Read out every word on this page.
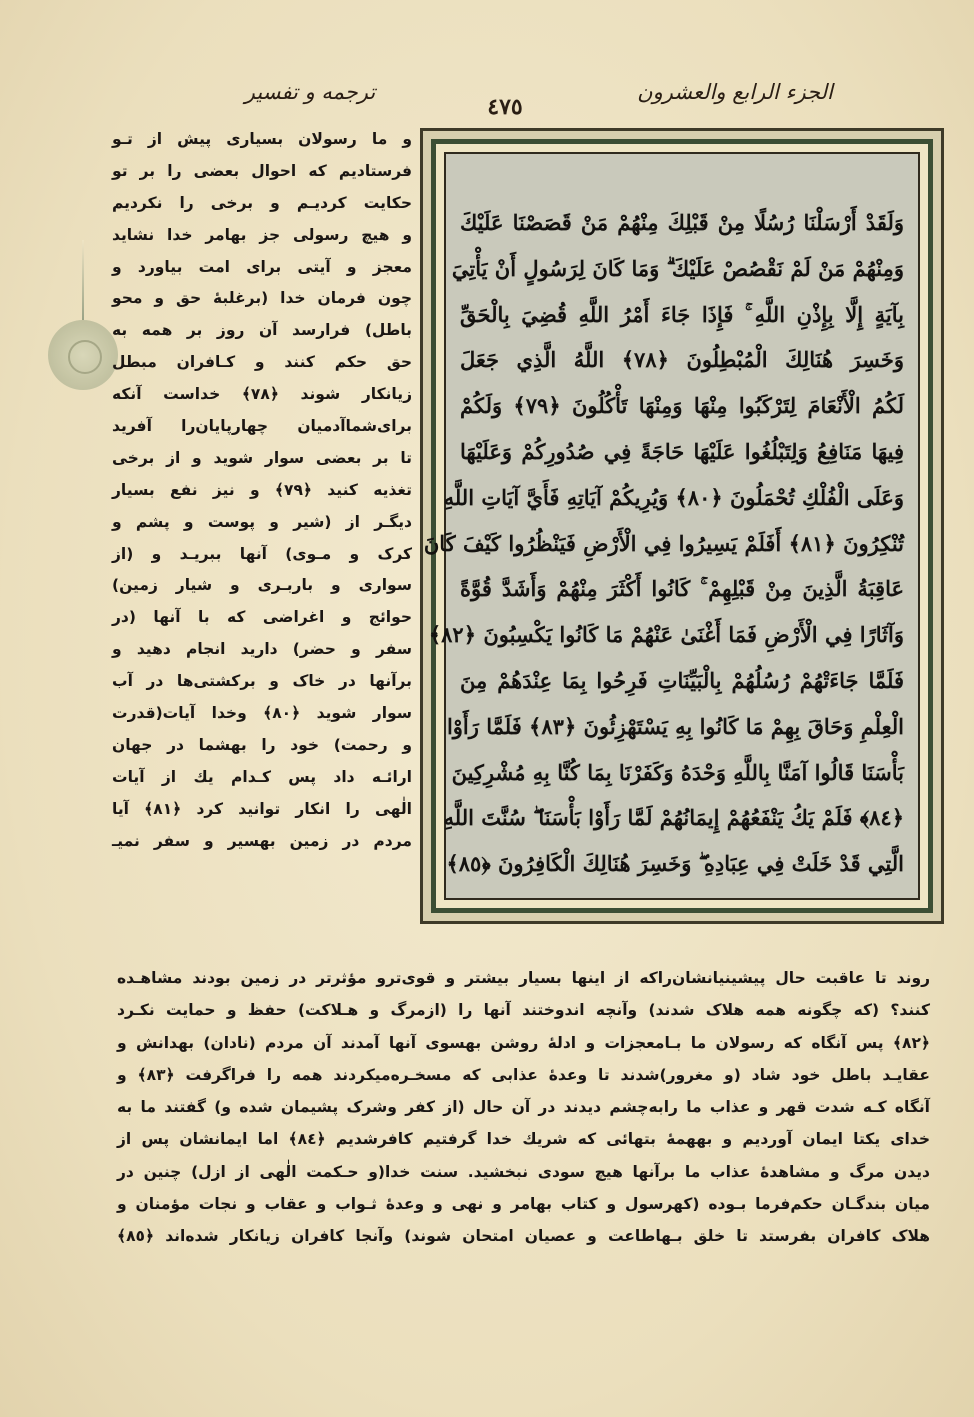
ترجمه و تفسير
٤٧٥
الجزء الرابع والعشرون
وَلَقَدْ أَرْسَلْنَا رُسُلًا مِنْ قَبْلِكَ مِنْهُمْ مَنْ قَصَصْنَا عَلَيْكَ
وَمِنْهُمْ مَنْ لَمْ نَقْصُصْ عَلَيْكَ ۗ وَمَا كَانَ لِرَسُولٍ أَنْ يَأْتِيَ
بِآيَةٍ إِلَّا بِإِذْنِ اللَّهِ ۚ فَإِذَا جَاءَ أَمْرُ اللَّهِ قُضِيَ بِالْحَقِّ
وَخَسِرَ هُنَالِكَ الْمُبْطِلُونَ ﴿٧٨﴾ اللَّهُ الَّذِي جَعَلَ
لَكُمُ الْأَنْعَامَ لِتَرْكَبُوا مِنْهَا وَمِنْهَا تَأْكُلُونَ ﴿٧٩﴾ وَلَكُمْ
فِيهَا مَنَافِعُ وَلِتَبْلُغُوا عَلَيْهَا حَاجَةً فِي صُدُورِكُمْ وَعَلَيْهَا
وَعَلَى الْفُلْكِ تُحْمَلُونَ ﴿٨٠﴾ وَيُرِيكُمْ آيَاتِهِ فَأَيَّ آيَاتِ اللَّهِ
تُنْكِرُونَ ﴿٨١﴾ أَفَلَمْ يَسِيرُوا فِي الْأَرْضِ فَيَنْظُرُوا كَيْفَ كَانَ
عَاقِبَةُ الَّذِينَ مِنْ قَبْلِهِمْ ۚ كَانُوا أَكْثَرَ مِنْهُمْ وَأَشَدَّ قُوَّةً
وَآثَارًا فِي الْأَرْضِ فَمَا أَغْنَىٰ عَنْهُمْ مَا كَانُوا يَكْسِبُونَ ﴿٨٢﴾
فَلَمَّا جَاءَتْهُمْ رُسُلُهُمْ بِالْبَيِّنَاتِ فَرِحُوا بِمَا عِنْدَهُمْ مِنَ
الْعِلْمِ وَحَاقَ بِهِمْ مَا كَانُوا بِهِ يَسْتَهْزِئُونَ ﴿٨٣﴾ فَلَمَّا رَأَوْا
بَأْسَنَا قَالُوا آمَنَّا بِاللَّهِ وَحْدَهُ وَكَفَرْنَا بِمَا كُنَّا بِهِ مُشْرِكِينَ
﴿٨٤﴾ فَلَمْ يَكُ يَنْفَعُهُمْ إِيمَانُهُمْ لَمَّا رَأَوْا بَأْسَنَا ۖ سُنَّتَ اللَّهِ
الَّتِي قَدْ خَلَتْ فِي عِبَادِهِ ۖ وَخَسِرَ هُنَالِكَ الْكَافِرُونَ ﴿٨٥﴾
و ما رسولان بسیاری پیش از تـو
فرستادیم که احوال بعضی را بر تو
حکایت کردیـم و برخی را نکردیم
و هیچ رسولی جز بهامر خدا نشاید
معجز و آیتی برای امت بیاورد و
چون فرمان خدا (برغلبهٔ حق و محو
باطل) فرارسد آن روز بر همه به
حق حکم کنند و کـافران مبطل
زیانکار شوند ﴿٧٨﴾ خداست آنکه
برای‌شماآدمیان چهارپایان‌را آفرید
تا بر بعضی سوار شوید و از برخی
تغذیه کنید ﴿٧٩﴾ و نیز نفع بسیار
دیگـر از (شیر و پوست و پشم و
کرک و مـوی) آنها ببریـد و (از
سواری و باربـری و شیار زمین)
حوائج و اغراضی که با آنها (در
سفر و حضر) دارید انجام دهید و
برآنها در خاک و برکشتی‌ها در آب
سوار شوید ﴿٨٠﴾ وخدا آیات(قدرت
و رحمت) خود را بهشما در جهان
ارائـه داد پس کـدام یك از آیات
الٰهی را انکار توانید کرد ﴿٨١﴾ آیا
مردم در زمین بهسیر و سفر نمیـ
روند تا عاقبت حال پیشینیانشان‌راکه از اینها بسیار بیشتر و قوی‌ترو مؤثرتر در زمین بودند مشاهـده
کنند؟ (که چگونه همه هلاک شدند) وآنچه اندوختند آنها را (ازمرگ و هـلاکت) حفظ و حمایت نکـرد
﴿٨٢﴾ پس آنگاه که رسولان ما بـامعجزات و ادلهٔ روشن بهسوی آنها آمدند آن مردم (نادان) بهدانش و
عقایـد باطل خود شاد (و مغرور)شدند تا وعدهٔ عذابی که مسخـره‌میکردند همه را فراگرفت ﴿٨٣﴾ و
آنگاه کـه شدت قهر و عذاب ما رابه‌چشم دیدند در آن حال (از کفر وشرک پشیمان شده و) گفتند ما به
خدای یکتا ایمان آوردیم و بههمهٔ بتهائی که شریك خدا گرفتیم کافرشدیم ﴿٨٤﴾ اما ایمانشان پس از
دیدن مرگ و مشاهدهٔ عذاب ما برآنها هیچ سودی نبخشید. سنت خدا(و حـکمت الٰهی از ازل) چنین در
میان بندگـان حکم‌فرما بـوده (کهرسول و کتاب بهامر و نهی و وعدهٔ ثـواب و عقاب و نجات مؤمنان و
هلاک کافران بفرستد تا خلق بـهاطاعت و عصیان امتحان شوند) وآنجا کافران زیانکار شده‌اند ﴿٨٥﴾
